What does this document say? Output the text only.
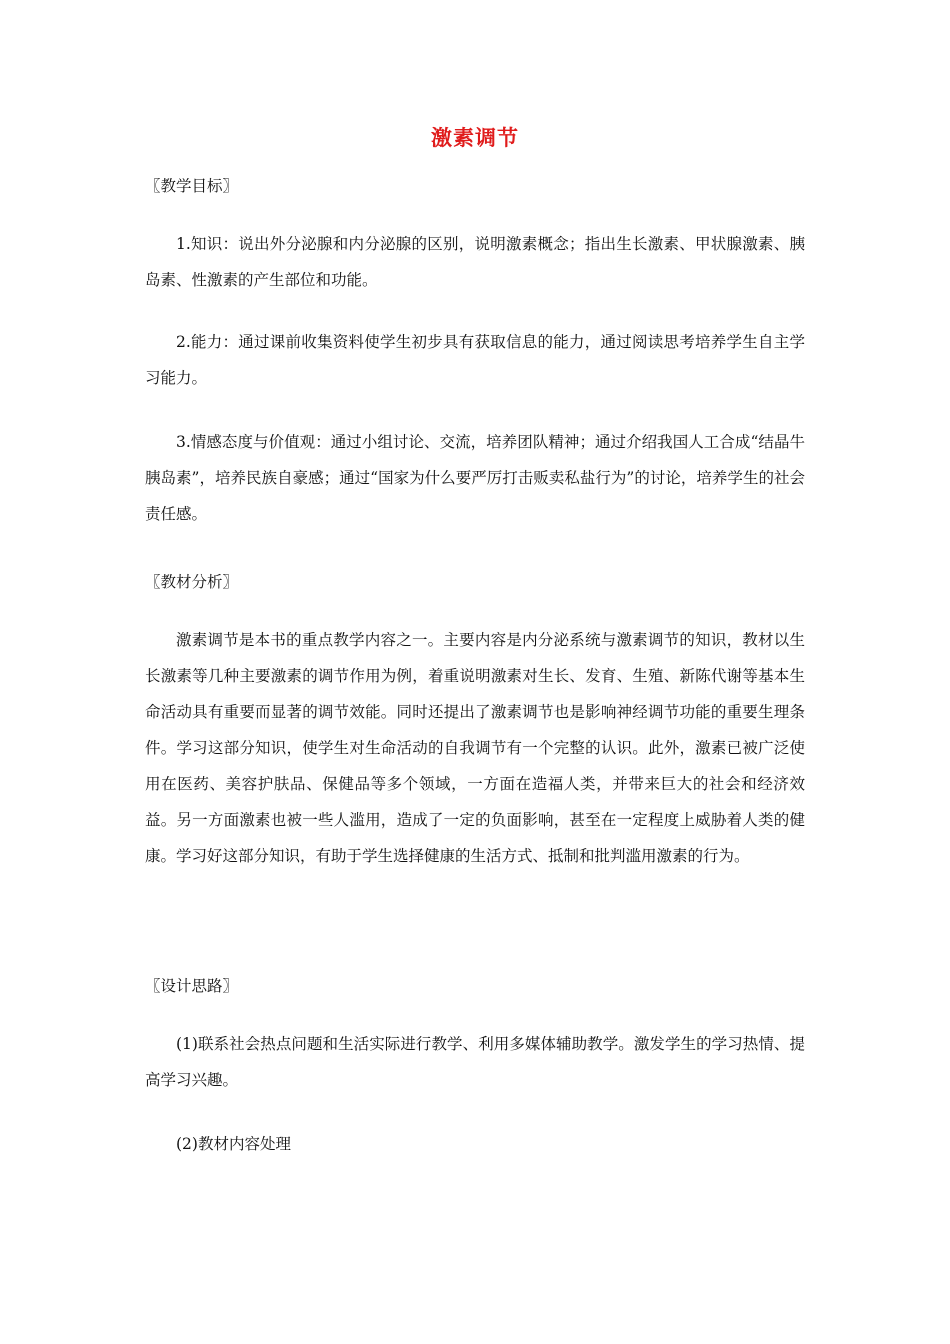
激素调节
〖教学目标〗
1.知识：说出外分泌腺和内分泌腺的区别，说明激素概念；指出生长激素、甲状腺激素、胰岛素、性激素的产生部位和功能。
2.能力：通过课前收集资料使学生初步具有获取信息的能力，通过阅读思考培养学生自主学习能力。
3.情感态度与价值观：通过小组讨论、交流，培养团队精神；通过介绍我国人工合成“结晶牛胰岛素”，培养民族自豪感；通过“国家为什么要严厉打击贩卖私盐行为”的讨论，培养学生的社会责任感。
〖教材分析〗
激素调节是本书的重点教学内容之一。主要内容是内分泌系统与激素调节的知识，教材以生长激素等几种主要激素的调节作用为例，着重说明激素对生长、发育、生殖、新陈代谢等基本生命活动具有重要而显著的调节效能。同时还提出了激素调节也是影响神经调节功能的重要生理条件。学习这部分知识，使学生对生命活动的自我调节有一个完整的认识。此外，激素已被广泛使用在医药、美容护肤品、保健品等多个领域，一方面在造福人类，并带来巨大的社会和经济效益。另一方面激素也被一些人滥用，造成了一定的负面影响，甚至在一定程度上威胁着人类的健康。学习好这部分知识，有助于学生选择健康的生活方式、抵制和批判滥用激素的行为。
〖设计思路〗
(1)联系社会热点问题和生活实际进行教学、利用多媒体辅助教学。激发学生的学习热情、提高学习兴趣。
(2)教材内容处理
